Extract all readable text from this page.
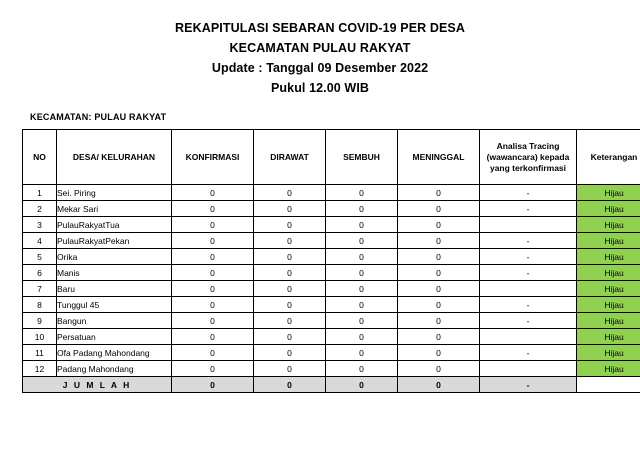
REKAPITULASI SEBARAN COVID-19 PER DESA
KECAMATAN PULAU RAKYAT
Update : Tanggal 09 Desember 2022
Pukul 12.00 WIB
KECAMATAN: PULAU RAKYAT
NO	DESA/ KELURAHAN	KONFIRMASI	DIRAWAT	SEMBUH	MENINGGAL	Analisa Tracing (wawancara) kepada yang terkonfirmasi	Keterangan
1	Sei. Piring	0	0	0	0	-	Hijau
2	Mekar Sari	0	0	0	0	-	Hijau
3	PulauRakyatTua	0	0	0	0		Hijau
4	PulauRakyatPekan	0	0	0	0	-	Hijau
5	Orika	0	0	0	0	-	Hijau
6	Manis	0	0	0	0	-	Hijau
7	Baru	0	0	0	0		Hijau
8	Tunggul 45	0	0	0	0	-	Hijau
9	Bangun	0	0	0	0	-	Hijau
10	Persatuan	0	0	0	0		Hijau
11	Ofa Padang Mahondang	0	0	0	0	-	Hijau
12	Padang Mahondang	0	0	0	0		Hijau
J U M L A H		0	0	0	0	-	
